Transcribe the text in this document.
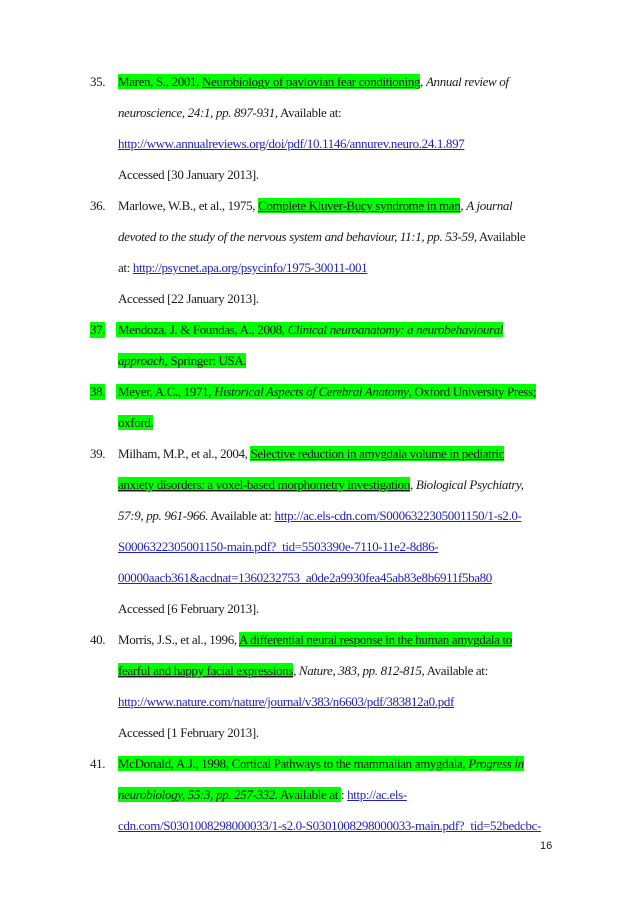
35. Maren, S., 2001, Neurobiology of pavlovian fear conditioning, Annual review of
neuroscience, 24:1, pp. 897-931, Available at:
http://www.annualreviews.org/doi/pdf/10.1146/annurev.neuro.24.1.897
Accessed [30 January 2013].
36. Marlowe, W.B., et al., 1975, Complete Kluver-Bucy syndrome in man, A journal
devoted to the study of the nervous system and behaviour, 11:1, pp. 53-59, Available
at: http://psycnet.apa.org/psycinfo/1975-30011-001
Accessed [22 January 2013].
37. Mendoza, J. & Foundas, A., 2008, Clinical neuroanatomy: a neurobehavioural
approach, Springer: USA.
38. Meyer, A.C., 1971, Historical Aspects of Cerebral Anatomy, Oxford University Press;
oxford.
39. Milham, M.P., et al., 2004, Selective reduction in amygdala volume in pediatric
anxiety disorders: a voxel-based morphometry investigation, Biological Psychiatry,
57:9, pp. 961-966. Available at: http://ac.els-cdn.com/S0006322305001150/1-s2.0-
S0006322305001150-main.pdf?_tid=5503390e-7110-11e2-8d86-
00000aacb361&acdnat=1360232753_a0de2a9930fea45ab83e8b6911f5ba80
Accessed [6 February 2013].
40. Morris, J.S., et al., 1996, A differential neural response in the human amygdala to
fearful and happy facial expressions, Nature, 383, pp. 812-815, Available at:
http://www.nature.com/nature/journal/v383/n6603/pdf/383812a0.pdf
Accessed [1 February 2013].
41. McDonald, A.J., 1998, Cortical Pathways to the mammalian amygdala, Progress in
neurobiology, 55:3, pp. 257-332. Available at : http://ac.els-
cdn.com/S0301008298000033/1-s2.0-S0301008298000033-main.pdf?_tid=52bedcbc-
16
